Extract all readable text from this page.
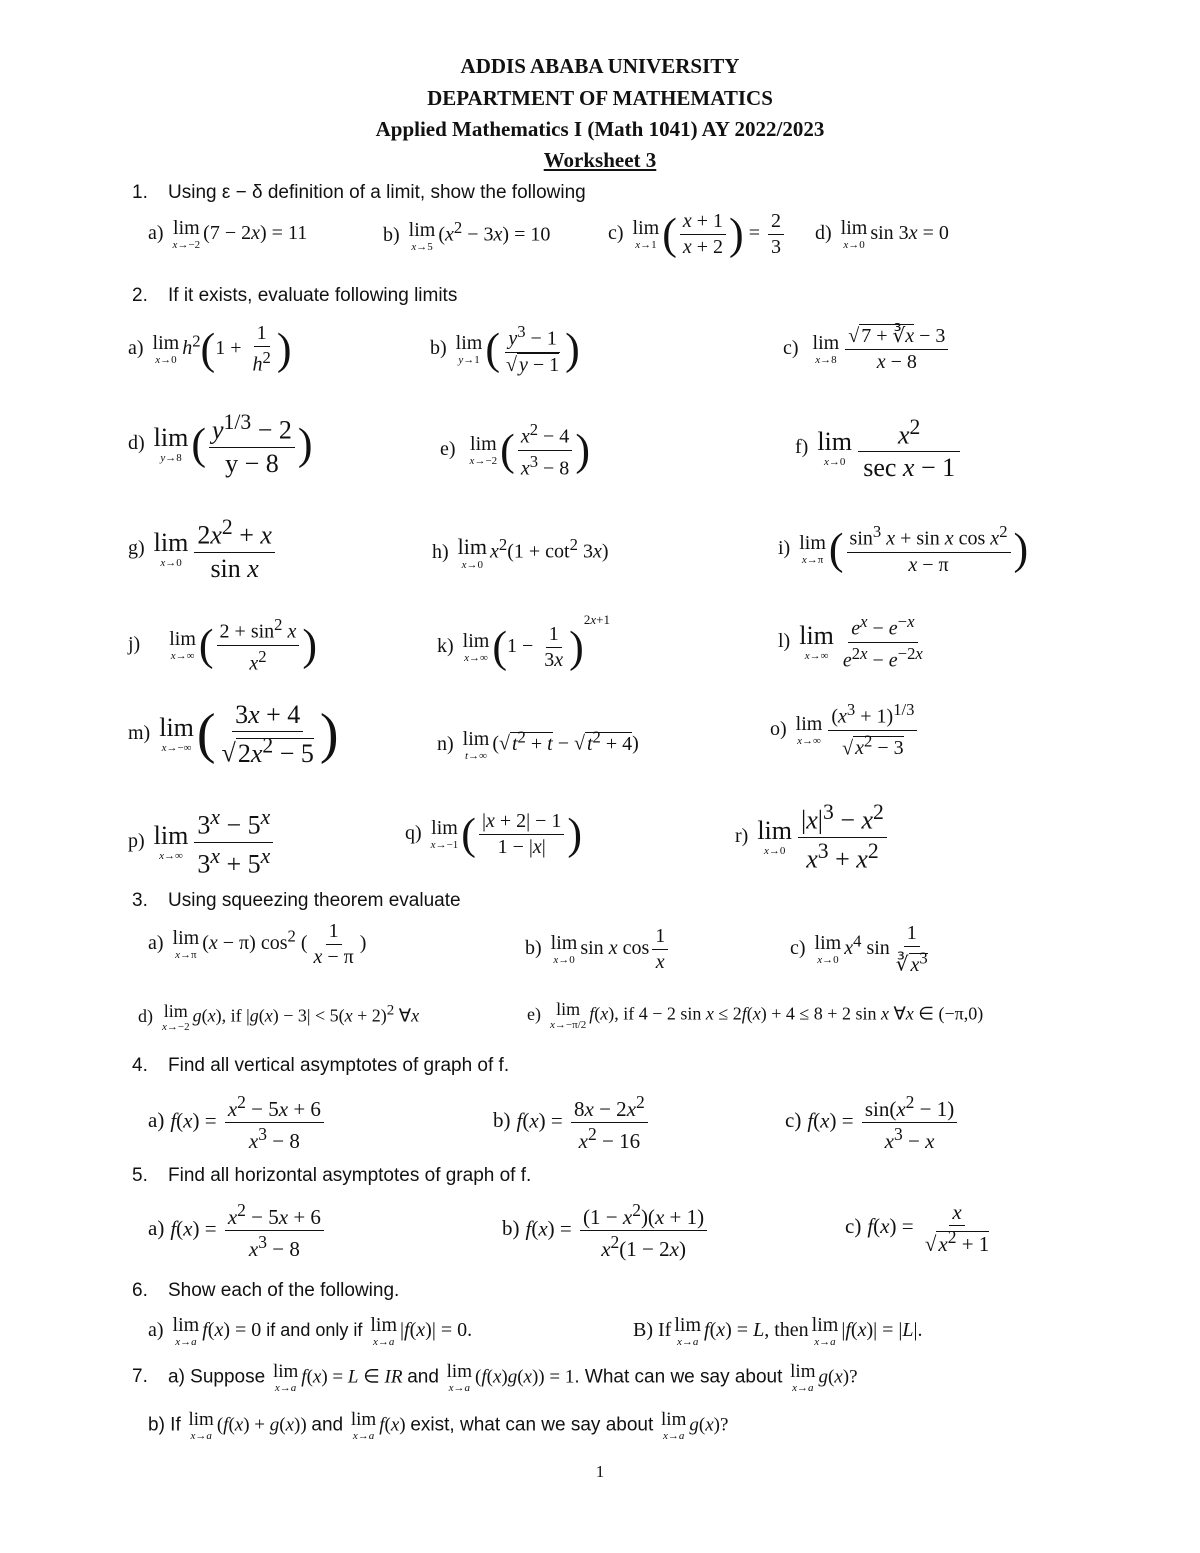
ADDIS ABABA UNIVERSITY
DEPARTMENT OF MATHEMATICS
Applied Mathematics I (Math 1041) AY 2022/2023
Worksheet 3
1. Using ε − δ definition of a limit, show the following
a) lim
x→−2
(7 − 2x) = 11	b) lim
x→5
$(x^2 - 3x) = 10$	c) lim
x→1 ( $\frac{x + 1}{x + 2}$ ) = $\frac{2}{3} d$) lim
x→0
sin 3x = 0
2. If it exists, evaluate following limits
a) lim
x→0
$h^2(1 + \frac{1}{h^2}$ )	b) lim
y→1 ( $\frac{y^3 - 1}{√ y - 1}$ )	c) lim
$x\to 8 \frac{√ 7 + ∛x - 3}{x - 8}$
d) lim
y→8 ( $\frac{y^{1/3} - 2}{y - 8}$ )	e) lim
x→−2 ( $\frac{x^2 - 4}{x^3 - 8}$ )	f) lim
$x\to 0 \frac{x^2}{\text{sec x − 1}}$
g) lim
$x\to 0 \frac{2x^2 + x}{\text{sin x}}$	h) lim
x→0
$x^2(1 + \cot^2 3x)$	i) lim
x→π ( $\frac{\sin^3 x + \sin x \cos x^2}{x - \pi}$ )
j) lim
x→∞ ( $\frac{2 + \sin^2 x}{x^2}$ )	k) lim
x→∞ $(1 - \frac{1}{3x} )^{2x+1}$
l) lim
$x\to\infty \frac{e^x - e^{-x}}{e^{2x} - e^{-2x}}$
m) lim
x→−∞ ( $\frac{3x + 4}{√2x^2 - 5}$ )	n) lim
t→∞
(√ $t^2 + t$ − √ $t^2 + 4$)
o) lim
$x\to\infty \frac{(x^3 + 1)^{1/3}}{√ x^2 - 3}$
p) lim
$x\to\infty \frac{3^x - 5^x}{3^x + 5^x}$	q) lim
x→−1 ( $\frac{|x + 2| - 1}{1 - |x|}$ )	r) lim
$x\to 0 \frac{|x|^3 - x^2}{x^3 + x^2}$
3. Using squeezing theorem evaluate
a) lim
x→π
(x − π) $\cos^2$ ( $\frac{1}{x - \pi}$ )	b) lim
x→0
sin x $\cos \frac{1}{x}$	c) lim
x→0
$x^4$ $\sin \frac{1}{∛ x^3}$
d) lim
x→−2
g(x), if $|g(x) - 3| < 5(x + 2)^2$ ∀x	e) lim
x→−π/2
f(x), if 4 − 2 sin x ≤ 2f(x) + 4 ≤ 8 + 2 sin x ∀x ∈ (−π,0)
4. Find all vertical asymptotes of graph of f.
a) $f(x) = \frac{x^2 - 5x + 6}{x^3 - 8}$	b) $f(x) = \frac{8x - 2x^2}{x^2 - 16}$	c) $f(x) = \frac{\sin(x^2 - 1)}{x^3 - x}$
5. Find all horizontal asymptotes of graph of f.
a) $f(x) = \frac{x^2 - 5x + 6}{x^3 - 8}$	b) $f(x) = \frac{(1 - x^2)(x + 1)}{x^2(1 - 2x)}$	c) $f(x) = \frac{x}{√x^2 + 1}$
6. Show each of the following.
a) lim
x→a
f(x) = 0 if and only if lim
x→a
|f(x)| = 0.	B) If lim
x→a
f(x) = L, then lim
x→a
|f(x)| = |L|.
7. a) Suppose lim
x→a
f(x) = L ∈ IR and lim
x→a
(f(x)g(x)) = 1. What can we say about lim
x→a
g(x)?
b) If lim
x→a
(f(x) + g(x)) and lim
x→a
f(x) exist, what can we say about lim
x→a
g(x)?
1
